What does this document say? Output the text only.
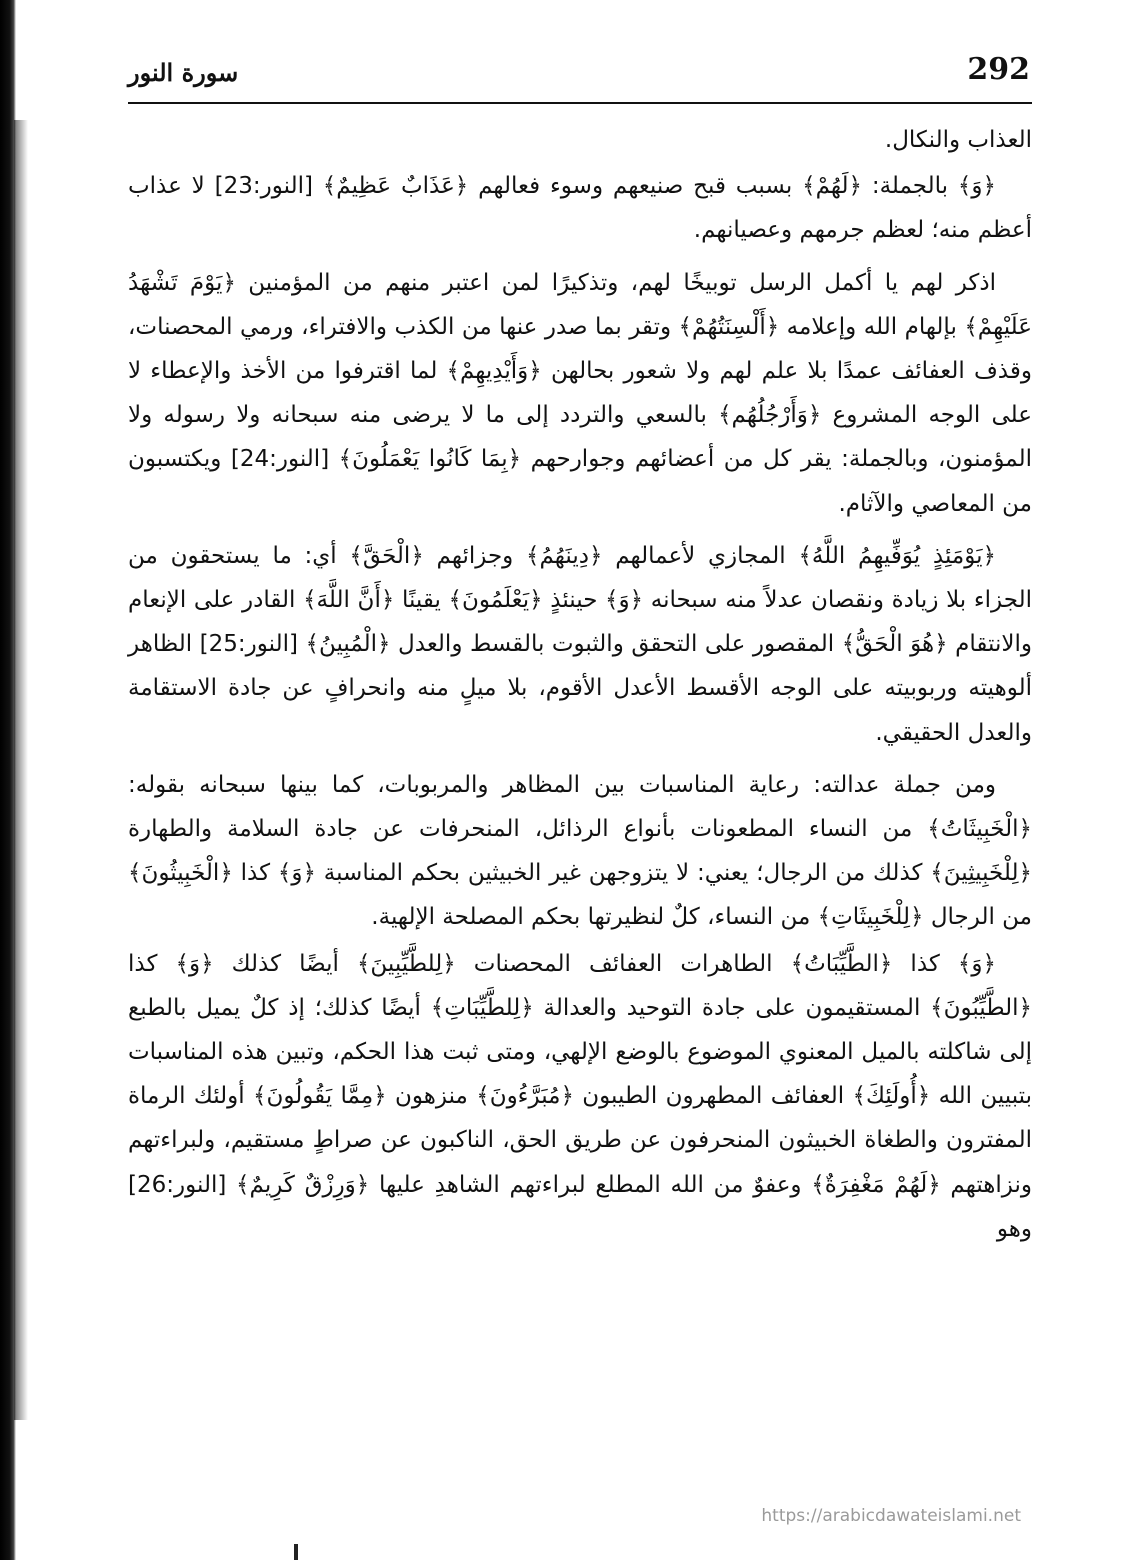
292
سورة النور

العذاب والنكال.

﴿وَ﴾ بالجملة: ﴿لَهُمْ﴾ بسبب قبح صنيعهم وسوء فعالهم ﴿عَذَابٌ عَظِيمٌ﴾ [النور:23] لا عذاب أعظم منه؛ لعظم جرمهم وعصيانهم.

اذكر لهم يا أكمل الرسل توبيخًا لهم، وتذكيرًا لمن اعتبر منهم من المؤمنين ﴿يَوْمَ تَشْهَدُ عَلَيْهِمْ﴾ بإلهام الله وإعلامه ﴿أَلْسِنَتُهُمْ﴾ وتقر بما صدر عنها من الكذب والافتراء، ورمي المحصنات، وقذف العفائف عمدًا بلا علم لهم ولا شعور بحالهن ﴿وَأَيْدِيهِمْ﴾ لما اقترفوا من الأخذ والإعطاء لا على الوجه المشروع ﴿وَأَرْجُلُهُم﴾ بالسعي والتردد إلى ما لا يرضى منه سبحانه ولا رسوله ولا المؤمنون، وبالجملة: يقر كل من أعضائهم وجوارحهم ﴿بِمَا كَانُوا يَعْمَلُونَ﴾ [النور:24] ويكتسبون من المعاصي والآثام.

﴿يَوْمَئِذٍ يُوَفِّيهِمُ اللَّهُ﴾ المجازي لأعمالهم ﴿دِينَهُمُ﴾ وجزائهم ﴿الْحَقَّ﴾ أي: ما يستحقون من الجزاء بلا زيادة ونقصان عدلاً منه سبحانه ﴿وَ﴾ حينئذٍ ﴿يَعْلَمُونَ﴾ يقينًا ﴿أَنَّ اللَّهَ﴾ القادر على الإنعام والانتقام ﴿هُوَ الْحَقُّ﴾ المقصور على التحقق والثبوت بالقسط والعدل ﴿الْمُبِينُ﴾ [النور:25] الظاهر ألوهيته وربوبيته على الوجه الأقسط الأعدل الأقوم، بلا ميلٍ منه وانحرافٍ عن جادة الاستقامة والعدل الحقيقي.

ومن جملة عدالته: رعاية المناسبات بين المظاهر والمربوبات، كما بينها سبحانه بقوله: ﴿الْخَبِيثَاتُ﴾ من النساء المطعونات بأنواع الرذائل، المنحرفات عن جادة السلامة والطهارة ﴿لِلْخَبِيثِينَ﴾ كذلك من الرجال؛ يعني: لا يتزوجهن غير الخبيثين بحكم المناسبة ﴿وَ﴾ كذا ﴿الْخَبِيثُونَ﴾ من الرجال ﴿لِلْخَبِيثَاتِ﴾ من النساء، كلٌ لنظيرتها بحكم المصلحة الإلهية.

﴿وَ﴾ كذا ﴿الطَّيِّبَاتُ﴾ الطاهرات العفائف المحصنات ﴿لِلطَّيِّبِينَ﴾ أيضًا كذلك ﴿وَ﴾ كذا ﴿الطَّيِّبُونَ﴾ المستقيمون على جادة التوحيد والعدالة ﴿لِلطَّيِّبَاتِ﴾ أيضًا كذلك؛ إذ كلٌ يميل بالطبع إلى شاكلته بالميل المعنوي الموضوع بالوضع الإلهي، ومتى ثبت هذا الحكم، وتبين هذه المناسبات بتبيين الله ﴿أُولَئِكَ﴾ العفائف المطهرون الطيبون ﴿مُبَرَّءُونَ﴾ منزهون ﴿مِمَّا يَقُولُونَ﴾ أولئك الرماة المفترون والطغاة الخبيثون المنحرفون عن طريق الحق، الناكبون عن صراطٍ مستقيم، ولبراءتهم ونزاهتهم ﴿لَهُمْ مَغْفِرَةٌ﴾ وعفوٌ من الله المطلع لبراءتهم الشاهدِ عليها ﴿وَرِزْقٌ كَرِيمٌ﴾ [النور:26] وهو

https://arabicdawateislami.net
